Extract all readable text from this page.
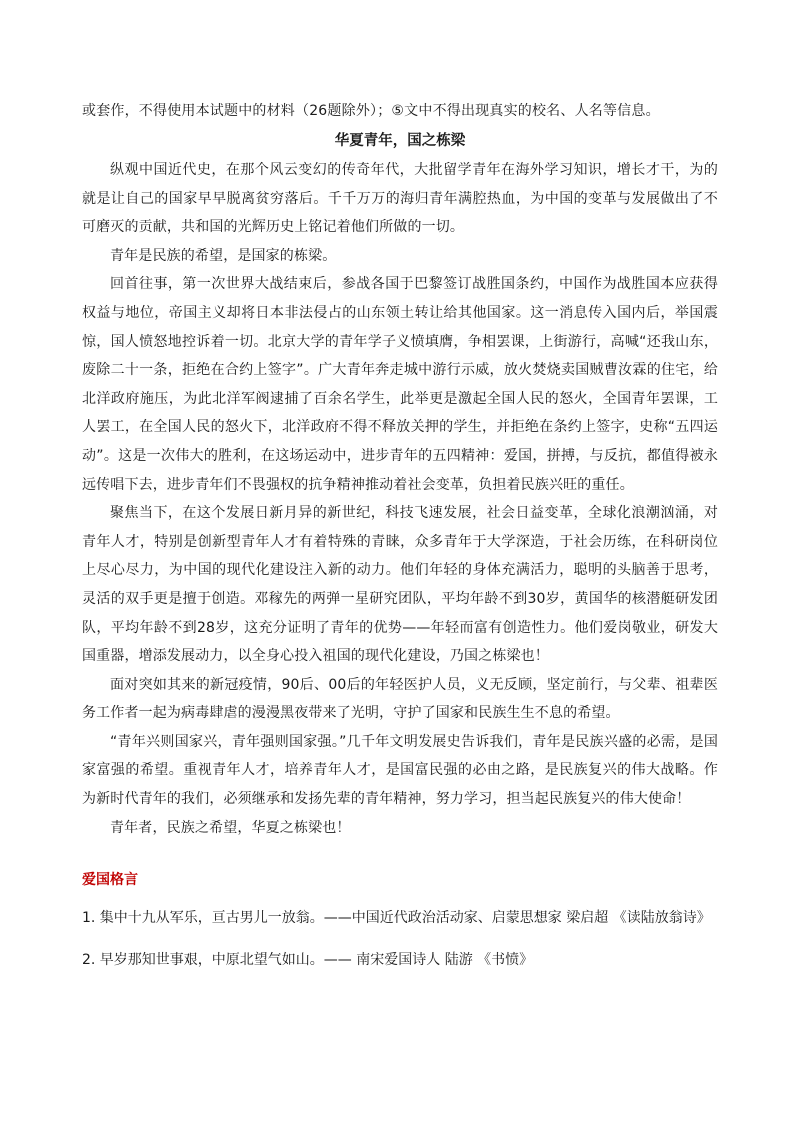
或套作，不得使用本试题中的材料（26题除外）；⑤文中不得出现真实的校名、人名等信息。

华夏青年，国之栋梁

纵观中国近代史，在那个风云变幻的传奇年代，大批留学青年在海外学习知识，增长才干，为的就是让自己的国家早早脱离贫穷落后。千千万万的海归青年满腔热血，为中国的变革与发展做出了不可磨灭的贡献，共和国的光辉历史上铭记着他们所做的一切。

青年是民族的希望，是国家的栋梁。

回首往事，第一次世界大战结束后，参战各国于巴黎签订战胜国条约，中国作为战胜国本应获得权益与地位，帝国主义却将日本非法侵占的山东领土转让给其他国家。这一消息传入国内后，举国震惊，国人愤怒地控诉着一切。北京大学的青年学子义愤填膺，争相罢课，上街游行，高喊“还我山东，废除二十一条，拒绝在合约上签字”。广大青年奔走城中游行示威，放火焚烧卖国贼曹汝霖的住宅，给北洋政府施压，为此北洋军阀逮捕了百余名学生，此举更是激起全国人民的怒火，全国青年罢课，工人罢工，在全国人民的怒火下，北洋政府不得不释放关押的学生，并拒绝在条约上签字，史称“五四运动”。这是一次伟大的胜利，在这场运动中，进步青年的五四精神：爱国，拼搏，与反抗，都值得被永远传唱下去，进步青年们不畏强权的抗争精神推动着社会变革，负担着民族兴旺的重任。

聚焦当下，在这个发展日新月异的新世纪，科技飞速发展，社会日益变革，全球化浪潮汹涌，对青年人才，特别是创新型青年人才有着特殊的青睐，众多青年于大学深造，于社会历练，在科研岗位上尽心尽力，为中国的现代化建设注入新的动力。他们年轻的身体充满活力，聪明的头脑善于思考，灵活的双手更是擅于创造。邓稼先的两弹一星研究团队，平均年龄不到30岁，黄国华的核潜艇研发团队，平均年龄不到28岁，这充分证明了青年的优势——年轻而富有创造性力。他们爱岗敬业，研发大国重器，增添发展动力，以全身心投入祖国的现代化建设，乃国之栋梁也！

面对突如其来的新冠疫情，90后、00后的年轻医护人员，义无反顾，坚定前行，与父辈、祖辈医务工作者一起为病毒肆虐的漫漫黑夜带来了光明，守护了国家和民族生生不息的希望。

“青年兴则国家兴，青年强则国家强。”几千年文明发展史告诉我们，青年是民族兴盛的必需，是国家富强的希望。重视青年人才，培养青年人才，是国富民强的必由之路，是民族复兴的伟大战略。作为新时代青年的我们，必须继承和发扬先辈的青年精神，努力学习，担当起民族复兴的伟大使命！

青年者，民族之希望，华夏之栋梁也！

爱国格言
1. 集中十九从军乐，亘古男儿一放翁。——中国近代政治活动家、启蒙思想家 梁启超 《读陆放翁诗》
2. 早岁那知世事艰，中原北望气如山。—— 南宋爱国诗人 陆游 《书愤》
